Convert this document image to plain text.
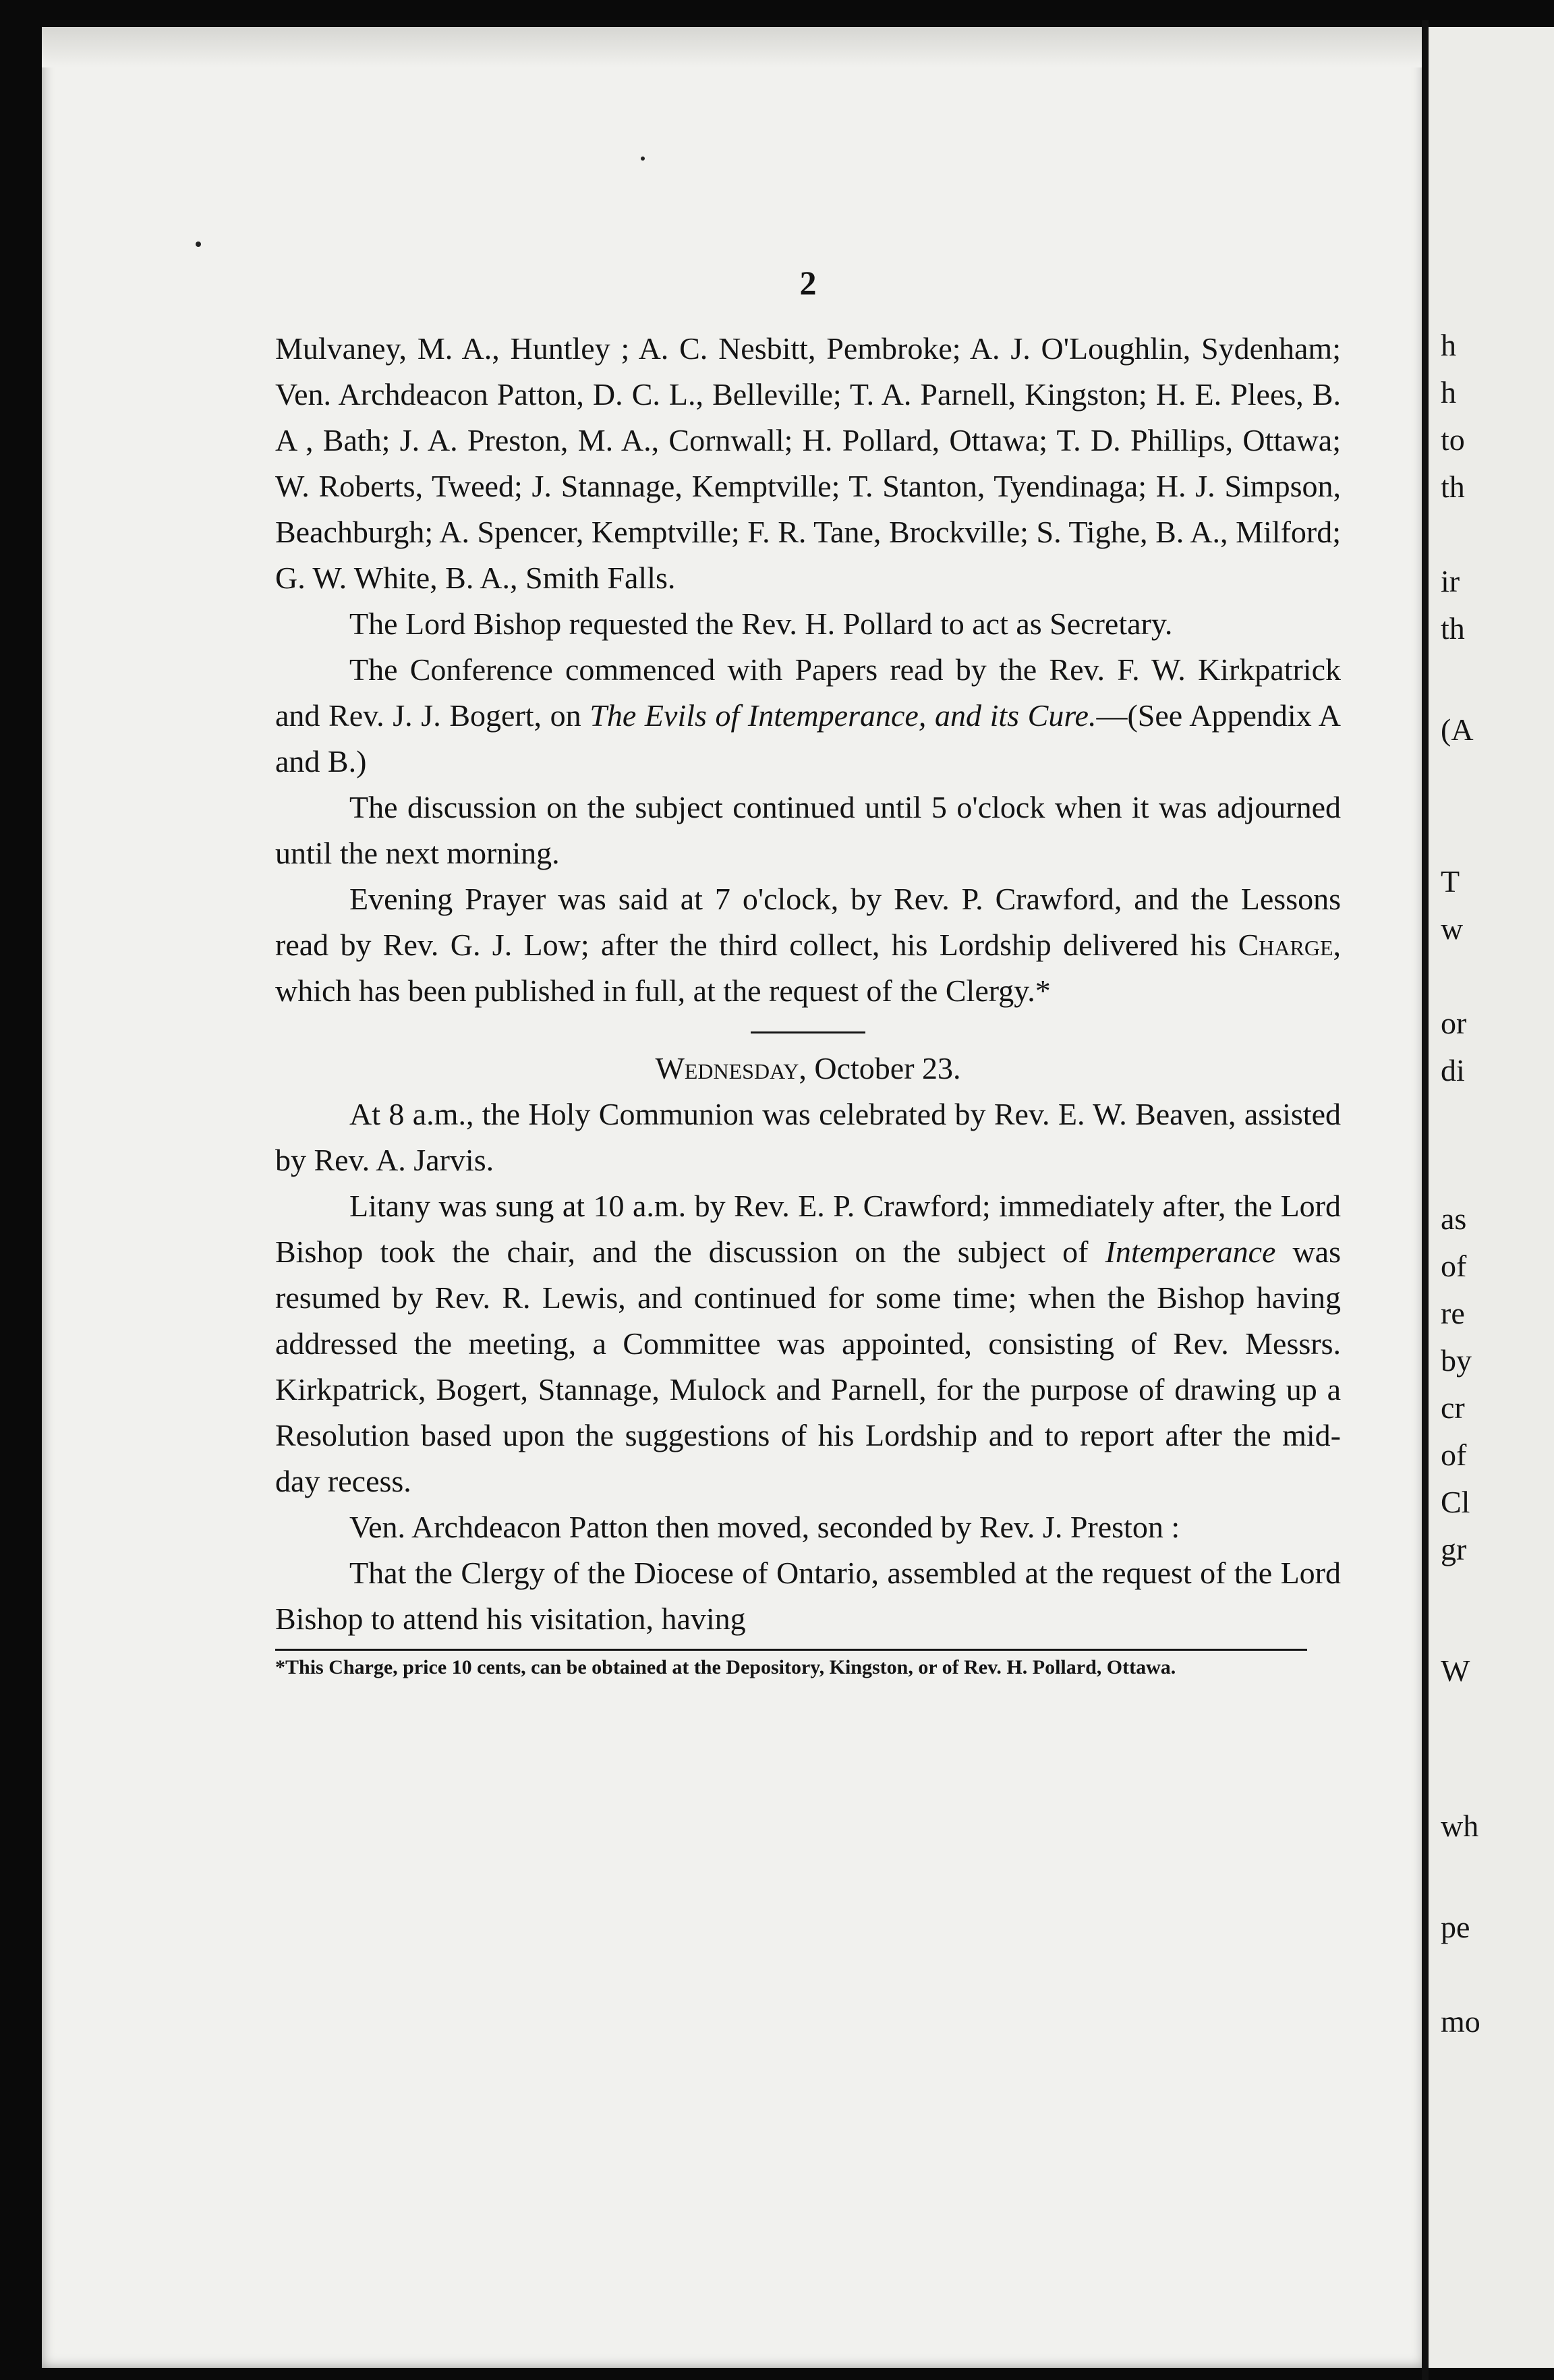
h
h
to
th
ir
th
(A
T
w
or
di
as
of
re
by
cr
of
Cl
gr
W
wh
pe
mo
2

Mulvaney, M. A., Huntley ; A. C. Nesbitt, Pembroke; A. J. O'Loughlin, Sydenham; Ven. Archdeacon Patton, D. C. L., Belleville; T. A. Parnell, Kingston; H. E. Plees, B. A , Bath; J. A. Preston, M. A., Cornwall; H. Pollard, Ottawa; T. D. Phillips, Ottawa; W. Roberts, Tweed; J. Stannage, Kemptville; T. Stanton, Tyendinaga; H. J. Simpson, Beachburgh; A. Spencer, Kemptville; F. R. Tane, Brockville; S. Tighe, B. A., Milford; G. W. White, B. A., Smith Falls.

The Lord Bishop requested the Rev. H. Pollard to act as Secretary.

The Conference commenced with Papers read by the Rev. F. W. Kirkpatrick and Rev. J. J. Bogert, on The Evils of Intemperance, and its Cure.—(See Appendix A and B.)

The discussion on the subject continued until 5 o'clock when it was adjourned until the next morning.

Evening Prayer was said at 7 o'clock, by Rev. P. Crawford, and the Lessons read by Rev. G. J. Low; after the third collect, his Lordship delivered his Charge, which has been published in full, at the request of the Clergy.*

Wednesday, October 23.

At 8 a.m., the Holy Communion was celebrated by Rev. E. W. Beaven, assisted by Rev. A. Jarvis.

Litany was sung at 10 a.m. by Rev. E. P. Crawford; immediately after, the Lord Bishop took the chair, and the discussion on the subject of Intemperance was resumed by Rev. R. Lewis, and continued for some time; when the Bishop having addressed the meeting, a Committee was appointed, consisting of Rev. Messrs. Kirkpatrick, Bogert, Stannage, Mulock and Parnell, for the purpose of drawing up a Resolution based upon the suggestions of his Lordship and to report after the mid-day recess.

Ven. Archdeacon Patton then moved, seconded by Rev. J. Preston :

That the Clergy of the Diocese of Ontario, assembled at the request of the Lord Bishop to attend his visitation, having

*This Charge, price 10 cents, can be obtained at the Depository, Kingston, or of Rev. H. Pollard, Ottawa.
